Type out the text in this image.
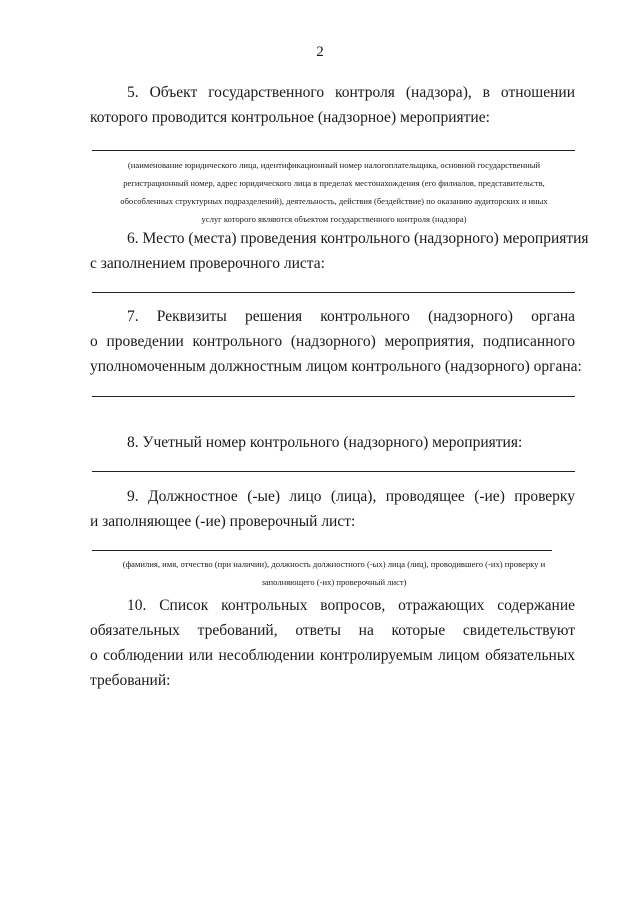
2
5. Объект государственного контроля (надзора), в отношении
которого проводится контрольное (надзорное) мероприятие:
(наименование юридического лица, идентификационный номер налогоплательщика, основной государственный
регистрационный номер, адрес юридического лица в пределах местонахождения (его филиалов, представительств,
обособленных структурных подразделений), деятельность, действия (бездействие) по оказанию аудиторских и иных
услуг которого являются объектом государственного контроля (надзора)
6. Место (места) проведения контрольного (надзорного) мероприятия
с заполнением проверочного листа:
7. Реквизиты решения контрольного (надзорного) органа
о проведении контрольного (надзорного) мероприятия, подписанного
уполномоченным должностным лицом контрольного (надзорного) органа:
8. Учетный номер контрольного (надзорного) мероприятия:
9. Должностное (-ые) лицо (лица), проводящее (-ие) проверку
и заполняющее (-ие) проверочный лист:
(фамилия, имя, отчество (при наличии), должность должностного (-ых) лица (лиц), проводившего (-их) проверку и
заполняющего (-их) проверочный лист)
10. Список контрольных вопросов, отражающих содержание
обязательных требований, ответы на которые свидетельствуют
о соблюдении или несоблюдении контролируемым лицом обязательных
требований:
